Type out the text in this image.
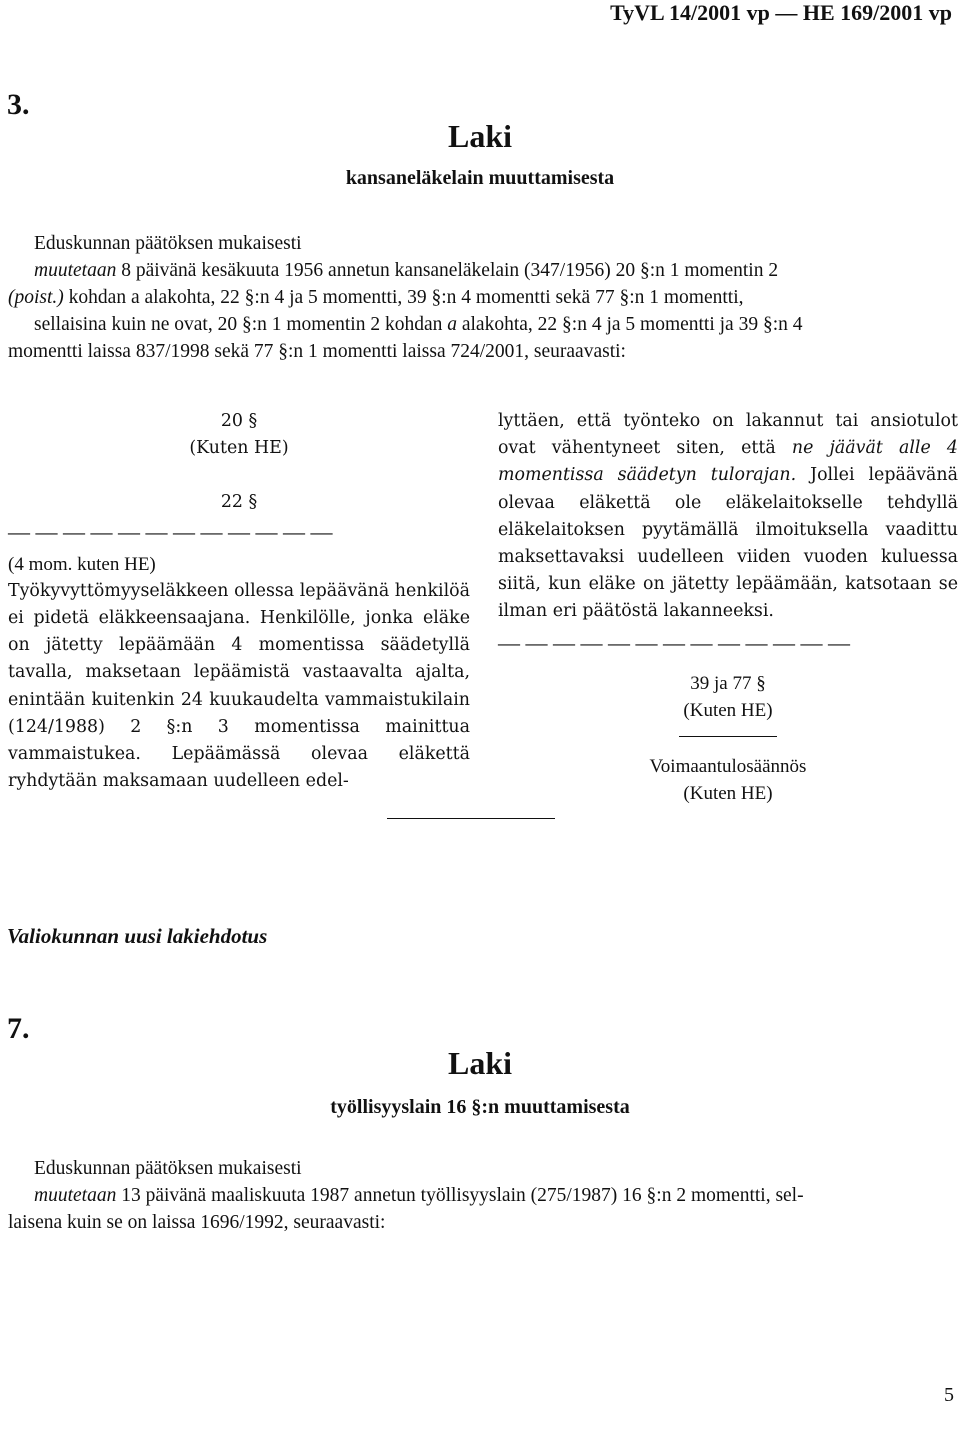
TyVL 14/2001 vp — HE 169/2001 vp
3.
Laki
kansaneläkelain muuttamisesta
Eduskunnan päätöksen mukaisesti
muutetaan 8 päivänä kesäkuuta 1956 annetun kansaneläkelain (347/1956) 20 §:n 1 momentin 2
(poist.) kohdan a alakohta, 22 §:n 4 ja 5 momentti, 39 §:n 4 momentti sekä 77 §:n 1 momentti,
sellaisina kuin ne ovat, 20 §:n 1 momentin 2 kohdan a alakohta, 22 §:n 4 ja 5 momentti ja 39 §:n 4
momentti laissa 837/1998 sekä 77 §:n 1 momentti laissa 724/2001, seuraavasti:
20 §
(Kuten HE)
22 §
— — — — — — — — — — — —
(4 mom. kuten HE)
Työkyvyttömyyseläkkeen ollessa lepäävänä henkilöä ei pidetä eläkkeensaajana. Henkilölle, jonka eläke on jätetty lepäämään 4 momentissa säädetyllä tavalla, maksetaan lepäämistä vastaavalta ajalta, enintään kuitenkin 24 kuukaudelta vammaistukilain (124/1988) 2 §:n 3 momentissa mainittua vammaistukea. Lepäämässä olevaa eläkettä ryhdytään maksamaan uudelleen edel-
lyttäen, että työnteko on lakannut tai ansiotulot ovat vähentyneet siten, että ne jäävät alle 4 momentissa säädetyn tulorajan. Jollei lepäävänä olevaa eläkettä ole eläkelaitokselle tehdyllä eläkelaitoksen pyytämällä ilmoituksella vaadittu maksettavaksi uudelleen viiden vuoden kuluessa siitä, kun eläke on jätetty lepäämään, katsotaan se ilman eri päätöstä lakanneeksi.
— — — — — — — — — — — — —
39 ja 77 §
(Kuten HE)
Voimaantulosäännös
(Kuten HE)
Valiokunnan uusi lakiehdotus
7.
Laki
työllisyyslain 16 §:n muuttamisesta
Eduskunnan päätöksen mukaisesti
muutetaan 13 päivänä maaliskuuta 1987 annetun työllisyyslain (275/1987) 16 §:n 2 momentti, sel-
laisena kuin se on laissa 1696/1992, seuraavasti:
5
